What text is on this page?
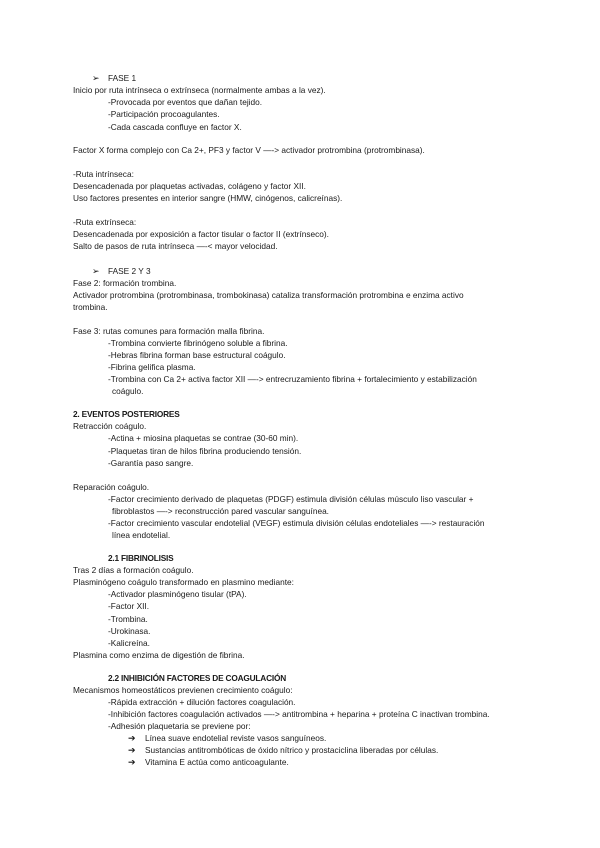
➢ FASE 1
Inicio por ruta intrínseca o extrínseca (normalmente ambas a la vez).
-Provocada por eventos que dañan tejido.
-Participación procoagulantes.
-Cada cascada confluye en factor X.
Factor X forma complejo con Ca 2+, PF3 y factor V —-> activador protrombina (protrombinasa).
-Ruta intrínseca:
Desencadenada por plaquetas activadas, colágeno y factor XII.
Uso factores presentes en interior sangre (HMW, cinógenos, calicreínas).
-Ruta extrínseca:
Desencadenada por exposición a factor tisular o factor II (extrínseco).
Salto de pasos de ruta intrínseca —-< mayor velocidad.
➢ FASE 2 Y 3
Fase 2: formación trombina.
Activador protrombina (protrombinasa, trombokinasa) cataliza transformación protrombina e enzima activo
trombina.
Fase 3: rutas comunes para formación malla fibrina.
-Trombina convierte fibrinógeno soluble a fibrina.
-Hebras fibrina forman base estructural coágulo.
-Fibrina gelifica plasma.
-Trombina con Ca 2+ activa factor XII —-> entrecruzamiento fibrina + fortalecimiento y estabilización
coágulo.
2. EVENTOS POSTERIORES
Retracción coágulo.
-Actina + miosina plaquetas se contrae (30-60 min).
-Plaquetas tiran de hilos fibrina produciendo tensión.
-Garantía paso sangre.
Reparación coágulo.
-Factor crecimiento derivado de plaquetas (PDGF) estimula división células músculo liso vascular +
fibroblastos —-> reconstrucción pared vascular sanguínea.
-Factor crecimiento vascular endotelial (VEGF) estimula división células endoteliales —-> restauración
línea endotelial.
2.1 FIBRINOLISIS
Tras 2 días a formación coágulo.
Plasminógeno coágulo transformado en plasmino mediante:
-Activador plasminógeno tisular (tPA).
-Factor XII.
-Trombina.
-Urokinasa.
-Kalicreína.
Plasmina como enzima de digestión de fibrina.
2.2 INHIBICIÓN FACTORES DE COAGULACIÓN
Mecanismos homeostáticos previenen crecimiento coágulo:
-Rápida extracción + dilución factores coagulación.
-Inhibición factores coagulación activados —-> antitrombina + heparina + proteína C inactivan trombina.
-Adhesión plaquetaria se previene por:
➔ Línea suave endotelial reviste vasos sanguíneos.
➔ Sustancias antitrombóticas de óxido nítrico y prostaciclina liberadas por células.
➔ Vitamina E actúa como anticoagulante.
